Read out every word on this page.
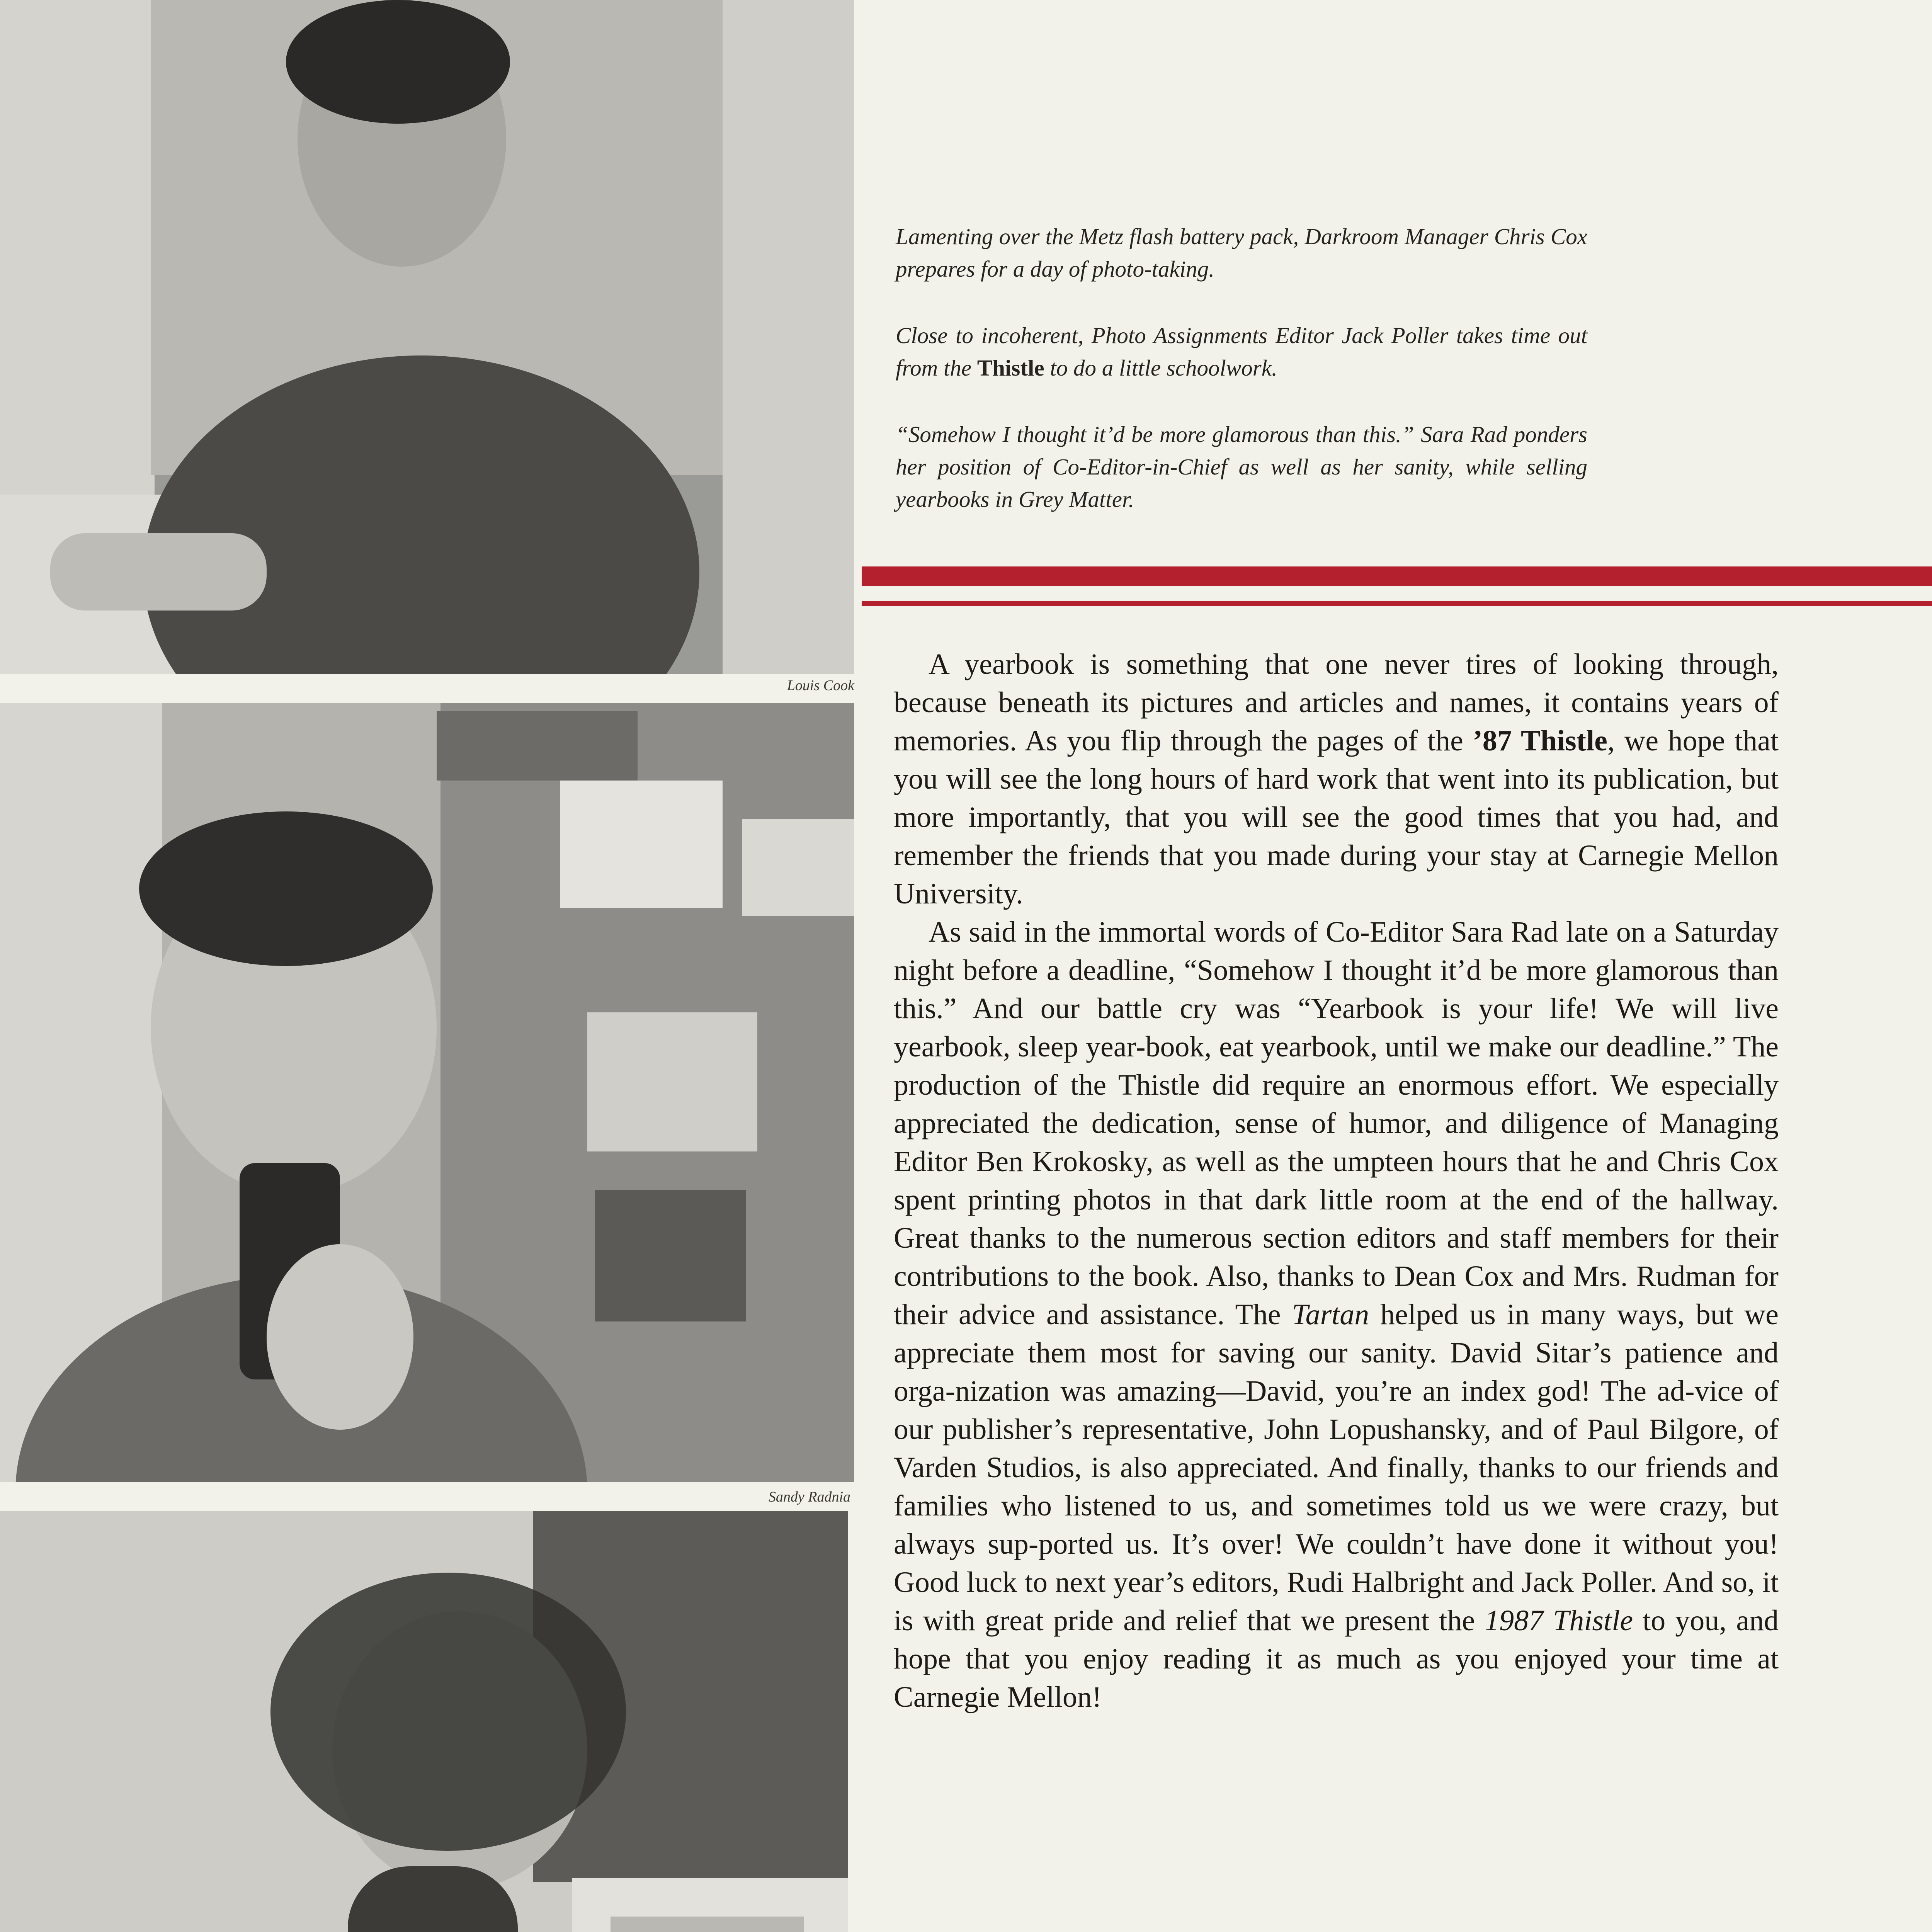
Louis Cook
Sandy Radnia

Lamenting over the Metz flash battery pack, Darkroom Manager Chris Cox prepares for a day of photo-taking.

Close to incoherent, Photo Assignments Editor Jack Poller takes time out from the Thistle to do a little schoolwork.

“Somehow I thought it’d be more glamorous than this.” Sara Rad ponders her position of Co-Editor-in-Chief as well as her sanity, while selling yearbooks in Grey Matter.

A yearbook is something that one never tires of looking through, because beneath its pictures and articles and names, it contains years of memories. As you flip through the pages of the ’87 Thistle, we hope that you will see the long hours of hard work that went into its publication, but more importantly, that you will see the good times that you had, and remember the friends that you made during your stay at Carnegie Mellon University.

As said in the immortal words of Co-Editor Sara Rad late on a Saturday night before a deadline, “Somehow I thought it’d be more glamorous than this.” And our battle cry was “Yearbook is your life! We will live yearbook, sleep year-book, eat yearbook, until we make our deadline.” The production of the Thistle did require an enormous effort. We especially appreciated the dedication, sense of humor, and diligence of Managing Editor Ben Krokosky, as well as the umpteen hours that he and Chris Cox spent printing photos in that dark little room at the end of the hallway. Great thanks to the numerous section editors and staff members for their contributions to the book. Also, thanks to Dean Cox and Mrs. Rudman for their advice and assistance. The Tartan helped us in many ways, but we appreciate them most for saving our sanity. David Sitar’s patience and orga-nization was amazing—David, you’re an index god! The ad-vice of our publisher’s representative, John Lopushansky, and of Paul Bilgore, of Varden Studios, is also appreciated. And finally, thanks to our friends and families who listened to us, and sometimes told us we were crazy, but always sup-ported us. It’s over! We couldn’t have done it without you! Good luck to next year’s editors, Rudi Halbright and Jack Poller. And so, it is with great pride and relief that we present the 1987 Thistle to you, and hope that you enjoy reading it as much as you enjoyed your time at Carnegie Mellon!
